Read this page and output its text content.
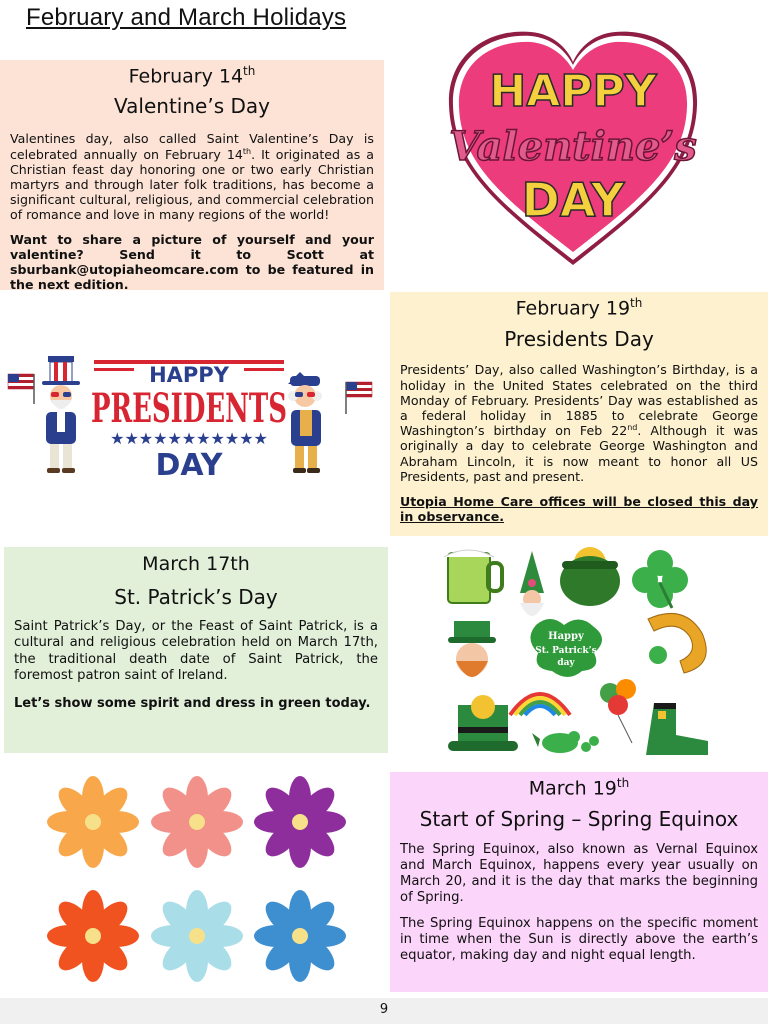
February and March Holidays
February 14th
Valentine’s Day

Valentines day, also called Saint Valentine’s Day is celebrated annually on February 14th. It originated as a Christian feast day honoring one or two early Christian martyrs and through later folk traditions, has become a significant cultural, religious, and commercial celebration of romance and love in many regions of the world!

Want to share a picture of yourself and your valentine? Send it to Scott at sburbank@utopiaheomcare.com to be featured in the next edition.

HAPPY
Valentine’s
DAY
HAPPY
PRESIDENTS
★★★★★★★★★★★
DAY
February 19th
Presidents Day

Presidents’ Day, also called Washington’s Birthday, is a holiday in the United States celebrated on the third Monday of February. Presidents’ Day was established as a federal holiday in 1885 to celebrate George Washington’s birthday on Feb 22nd. Although it was originally a day to celebrate George Washington and Abraham Lincoln, it is now meant to honor all US Presidents, past and present.

Utopia Home Care offices will be closed this day in observance.

March 17th
St. Patrick’s Day

Saint Patrick’s Day, or the Feast of Saint Patrick, is a cultural and religious celebration held on March 17th, the traditional death date of Saint Patrick, the foremost patron saint of Ireland.

Let’s show some spirit and dress in green today.

Happy
St. Patrick’s
day
March 19th
Start of Spring – Spring Equinox

The Spring Equinox, also known as Vernal Equinox and March Equinox, happens every year usually on March 20, and it is the day that marks the beginning of Spring.

The Spring Equinox happens on the specific moment in time when the Sun is directly above the earth’s equator, making day and night equal length.

9
